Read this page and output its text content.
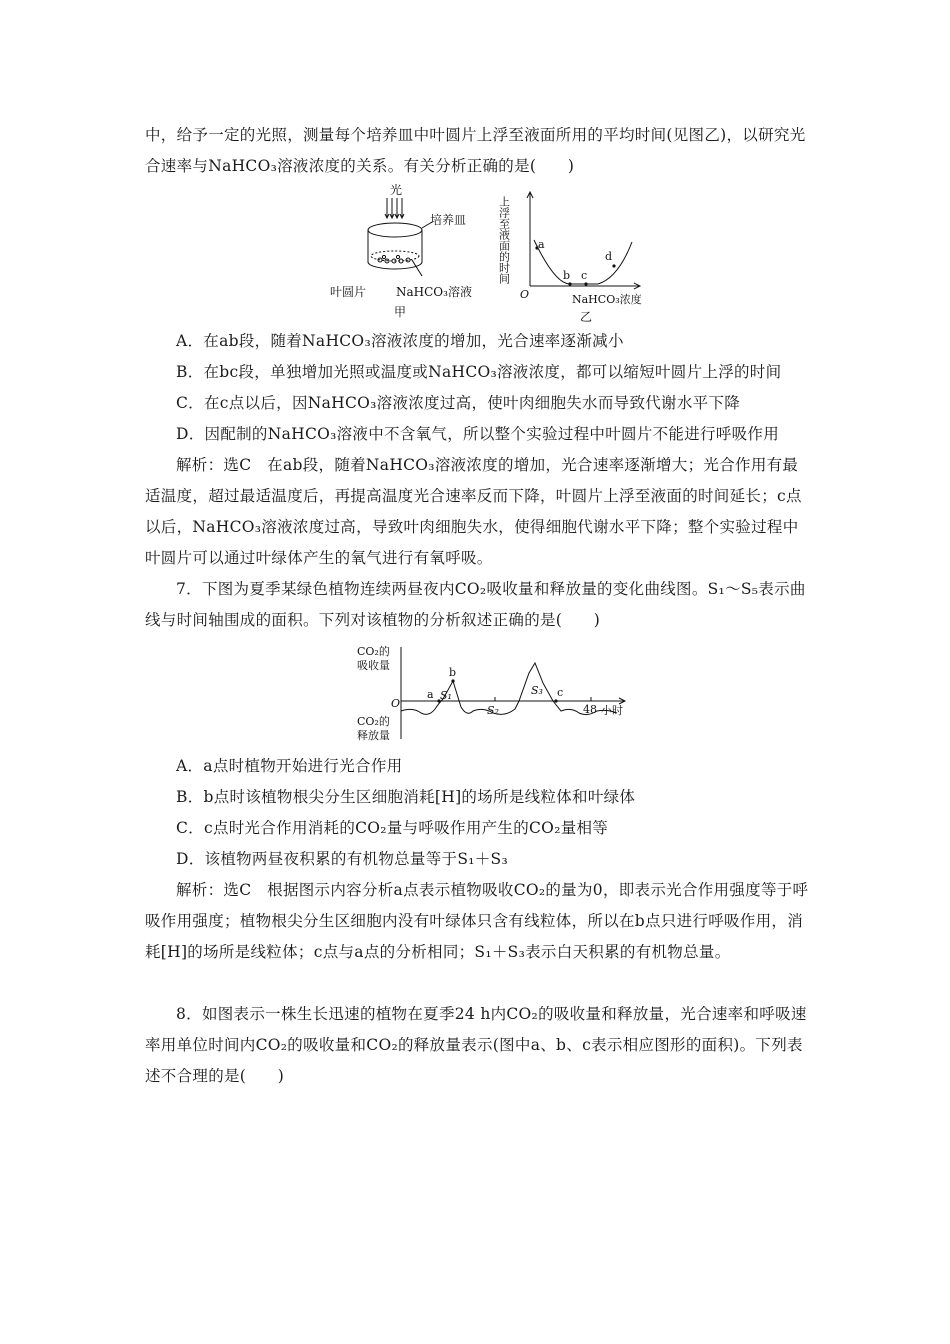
中，给予一定的光照，测量每个培养皿中叶圆片上浮至液面所用的平均时间(见图乙)，以研究光合速率与NaHCO₃溶液浓度的关系。有关分析正确的是(　　)
光
培养皿
叶圆片 NaHCO₃溶液
甲
上浮至液面的时间	a
b c
d
O	NaHCO₃浓度
乙
A．在ab段，随着NaHCO₃溶液浓度的增加，光合速率逐渐减小
B．在bc段，单独增加光照或温度或NaHCO₃溶液浓度，都可以缩短叶圆片上浮的时间
C．在c点以后，因NaHCO₃溶液浓度过高，使叶肉细胞失水而导致代谢水平下降
D．因配制的NaHCO₃溶液中不含氧气，所以整个实验过程中叶圆片不能进行呼吸作用
解析：选C　在ab段，随着NaHCO₃溶液浓度的增加，光合速率逐渐增大；光合作用有最适温度，超过最适温度后，再提高温度光合速率反而下降，叶圆片上浮至液面的时间延长；c点以后，NaHCO₃溶液浓度过高，导致叶肉细胞失水，使得细胞代谢水平下降；整个实验过程中叶圆片可以通过叶绿体产生的氧气进行有氧呼吸。
7．下图为夏季某绿色植物连续两昼夜内CO₂吸收量和释放量的变化曲线图。S₁～S₅表示曲线与时间轴围成的面积。下列对该植物的分析叙述正确的是(　　)
CO₂的
吸收量
CO₂的
释放量
O
a
b
c
S₁
S₂
S₃
48 小时
A．a点时植物开始进行光合作用
B．b点时该植物根尖分生区细胞消耗[H]的场所是线粒体和叶绿体
C．c点时光合作用消耗的CO₂量与呼吸作用产生的CO₂量相等
D．该植物两昼夜积累的有机物总量等于S₁＋S₃
解析：选C　根据图示内容分析a点表示植物吸收CO₂的量为0，即表示光合作用强度等于呼吸作用强度；植物根尖分生区细胞内没有叶绿体只含有线粒体，所以在b点只进行呼吸作用，消耗[H]的场所是线粒体；c点与a点的分析相同；S₁＋S₃表示白天积累的有机物总量。
8．如图表示一株生长迅速的植物在夏季24 h内CO₂的吸收量和释放量，光合速率和呼吸速率用单位时间内CO₂的吸收量和CO₂的释放量表示(图中a、b、c表示相应图形的面积)。下列表述不合理的是(　　)
